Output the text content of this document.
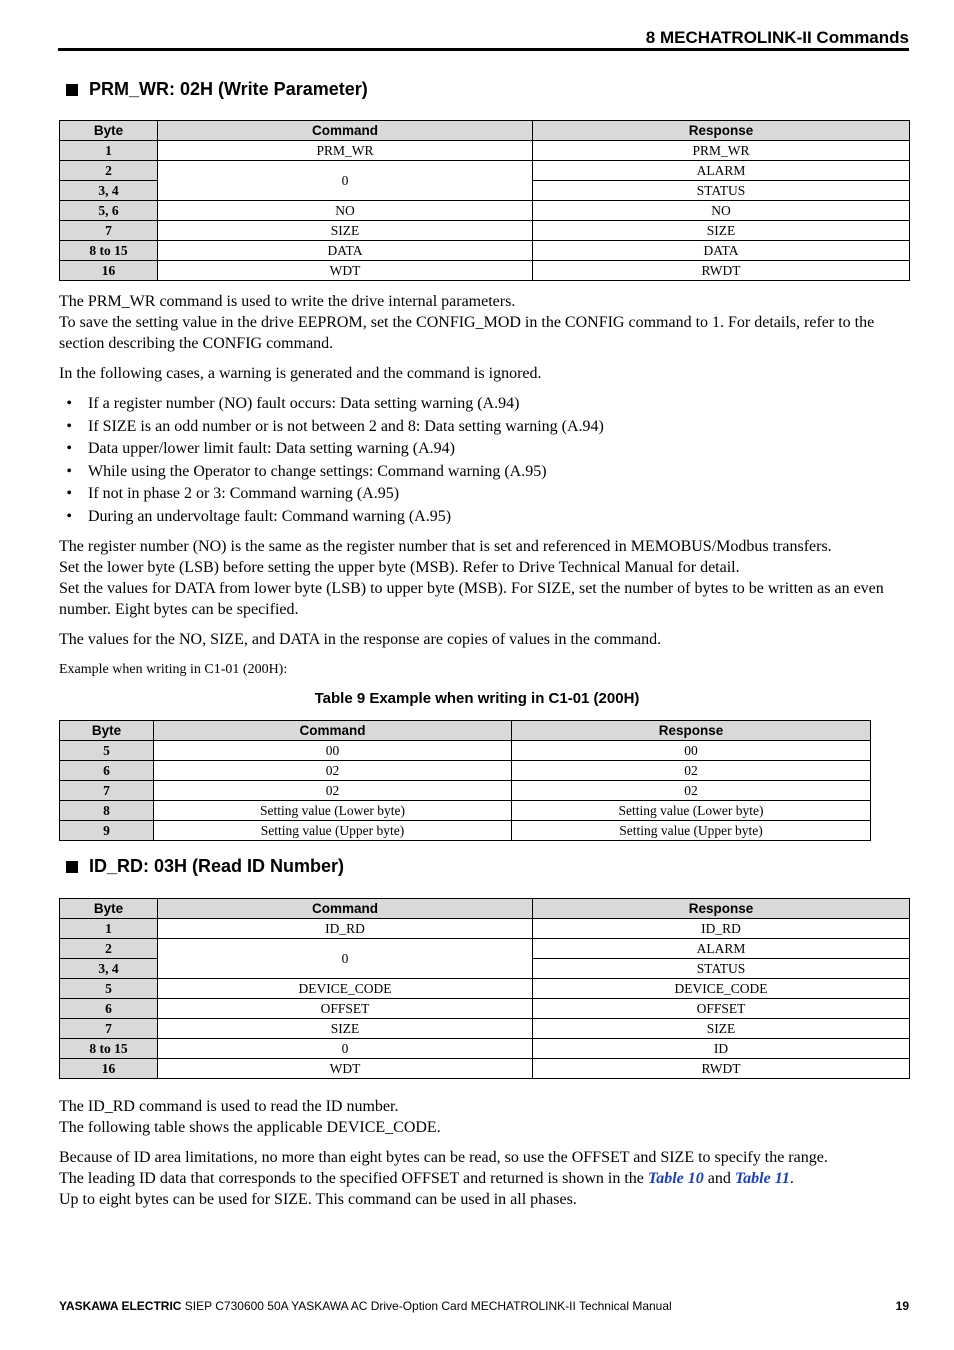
8 MECHATROLINK-II Commands
PRM_WR: 02H (Write Parameter)
Byte	Command	Response
1	PRM_WR	PRM_WR
2	0	ALARM
3, 4		STATUS
5, 6	NO	NO
7	SIZE	SIZE
8 to 15	DATA	DATA
16	WDT	RWDT

The PRM_WR command is used to write the drive internal parameters.

To save the setting value in the drive EEPROM, set the CONFIG_MOD in the CONFIG command to 1. For details, refer to the section describing the CONFIG command.

In the following cases, a warning is generated and the command is ignored.

• If a register number (NO) fault occurs: Data setting warning (A.94)
• If SIZE is an odd number or is not between 2 and 8: Data setting warning (A.94)
• Data upper/lower limit fault: Data setting warning (A.94)
• While using the Operator to change settings: Command warning (A.95)
• If not in phase 2 or 3: Command warning (A.95)
• During an undervoltage fault: Command warning (A.95)

The register number (NO) is the same as the register number that is set and referenced in MEMOBUS/Modbus transfers.

Set the lower byte (LSB) before setting the upper byte (MSB). Refer to Drive Technical Manual for detail.

Set the values for DATA from lower byte (LSB) to upper byte (MSB). For SIZE, set the number of bytes to be written as an even number. Eight bytes can be specified.

The values for the NO, SIZE, and DATA in the response are copies of values in the command.

Example when writing in C1-01 (200H):
Table 9 Example when writing in C1-01 (200H)
Byte	Command	Response
5	00	00
6	02	02
7	02	02
8	Setting value (Lower byte)	Setting value (Lower byte)
9	Setting value (Upper byte)	Setting value (Upper byte)
ID_RD: 03H (Read ID Number)
Byte	Command	Response
1	ID_RD	ID_RD
2	0	ALARM
3, 4		STATUS
5	DEVICE_CODE	DEVICE_CODE
6	OFFSET	OFFSET
7	SIZE	SIZE
8 to 15	0	ID
16	WDT	RWDT

The ID_RD command is used to read the ID number.

The following table shows the applicable DEVICE_CODE.

Because of ID area limitations, no more than eight bytes can be read, so use the OFFSET and SIZE to specify the range.

The leading ID data that corresponds to the specified OFFSET and returned is shown in the Table 10 and Table 11.

Up to eight bytes can be used for SIZE. This command can be used in all phases.

YASKAWA ELECTRIC SIEP C730600 50A YASKAWA AC Drive-Option Card MECHATROLINK-II Technical Manual	19
